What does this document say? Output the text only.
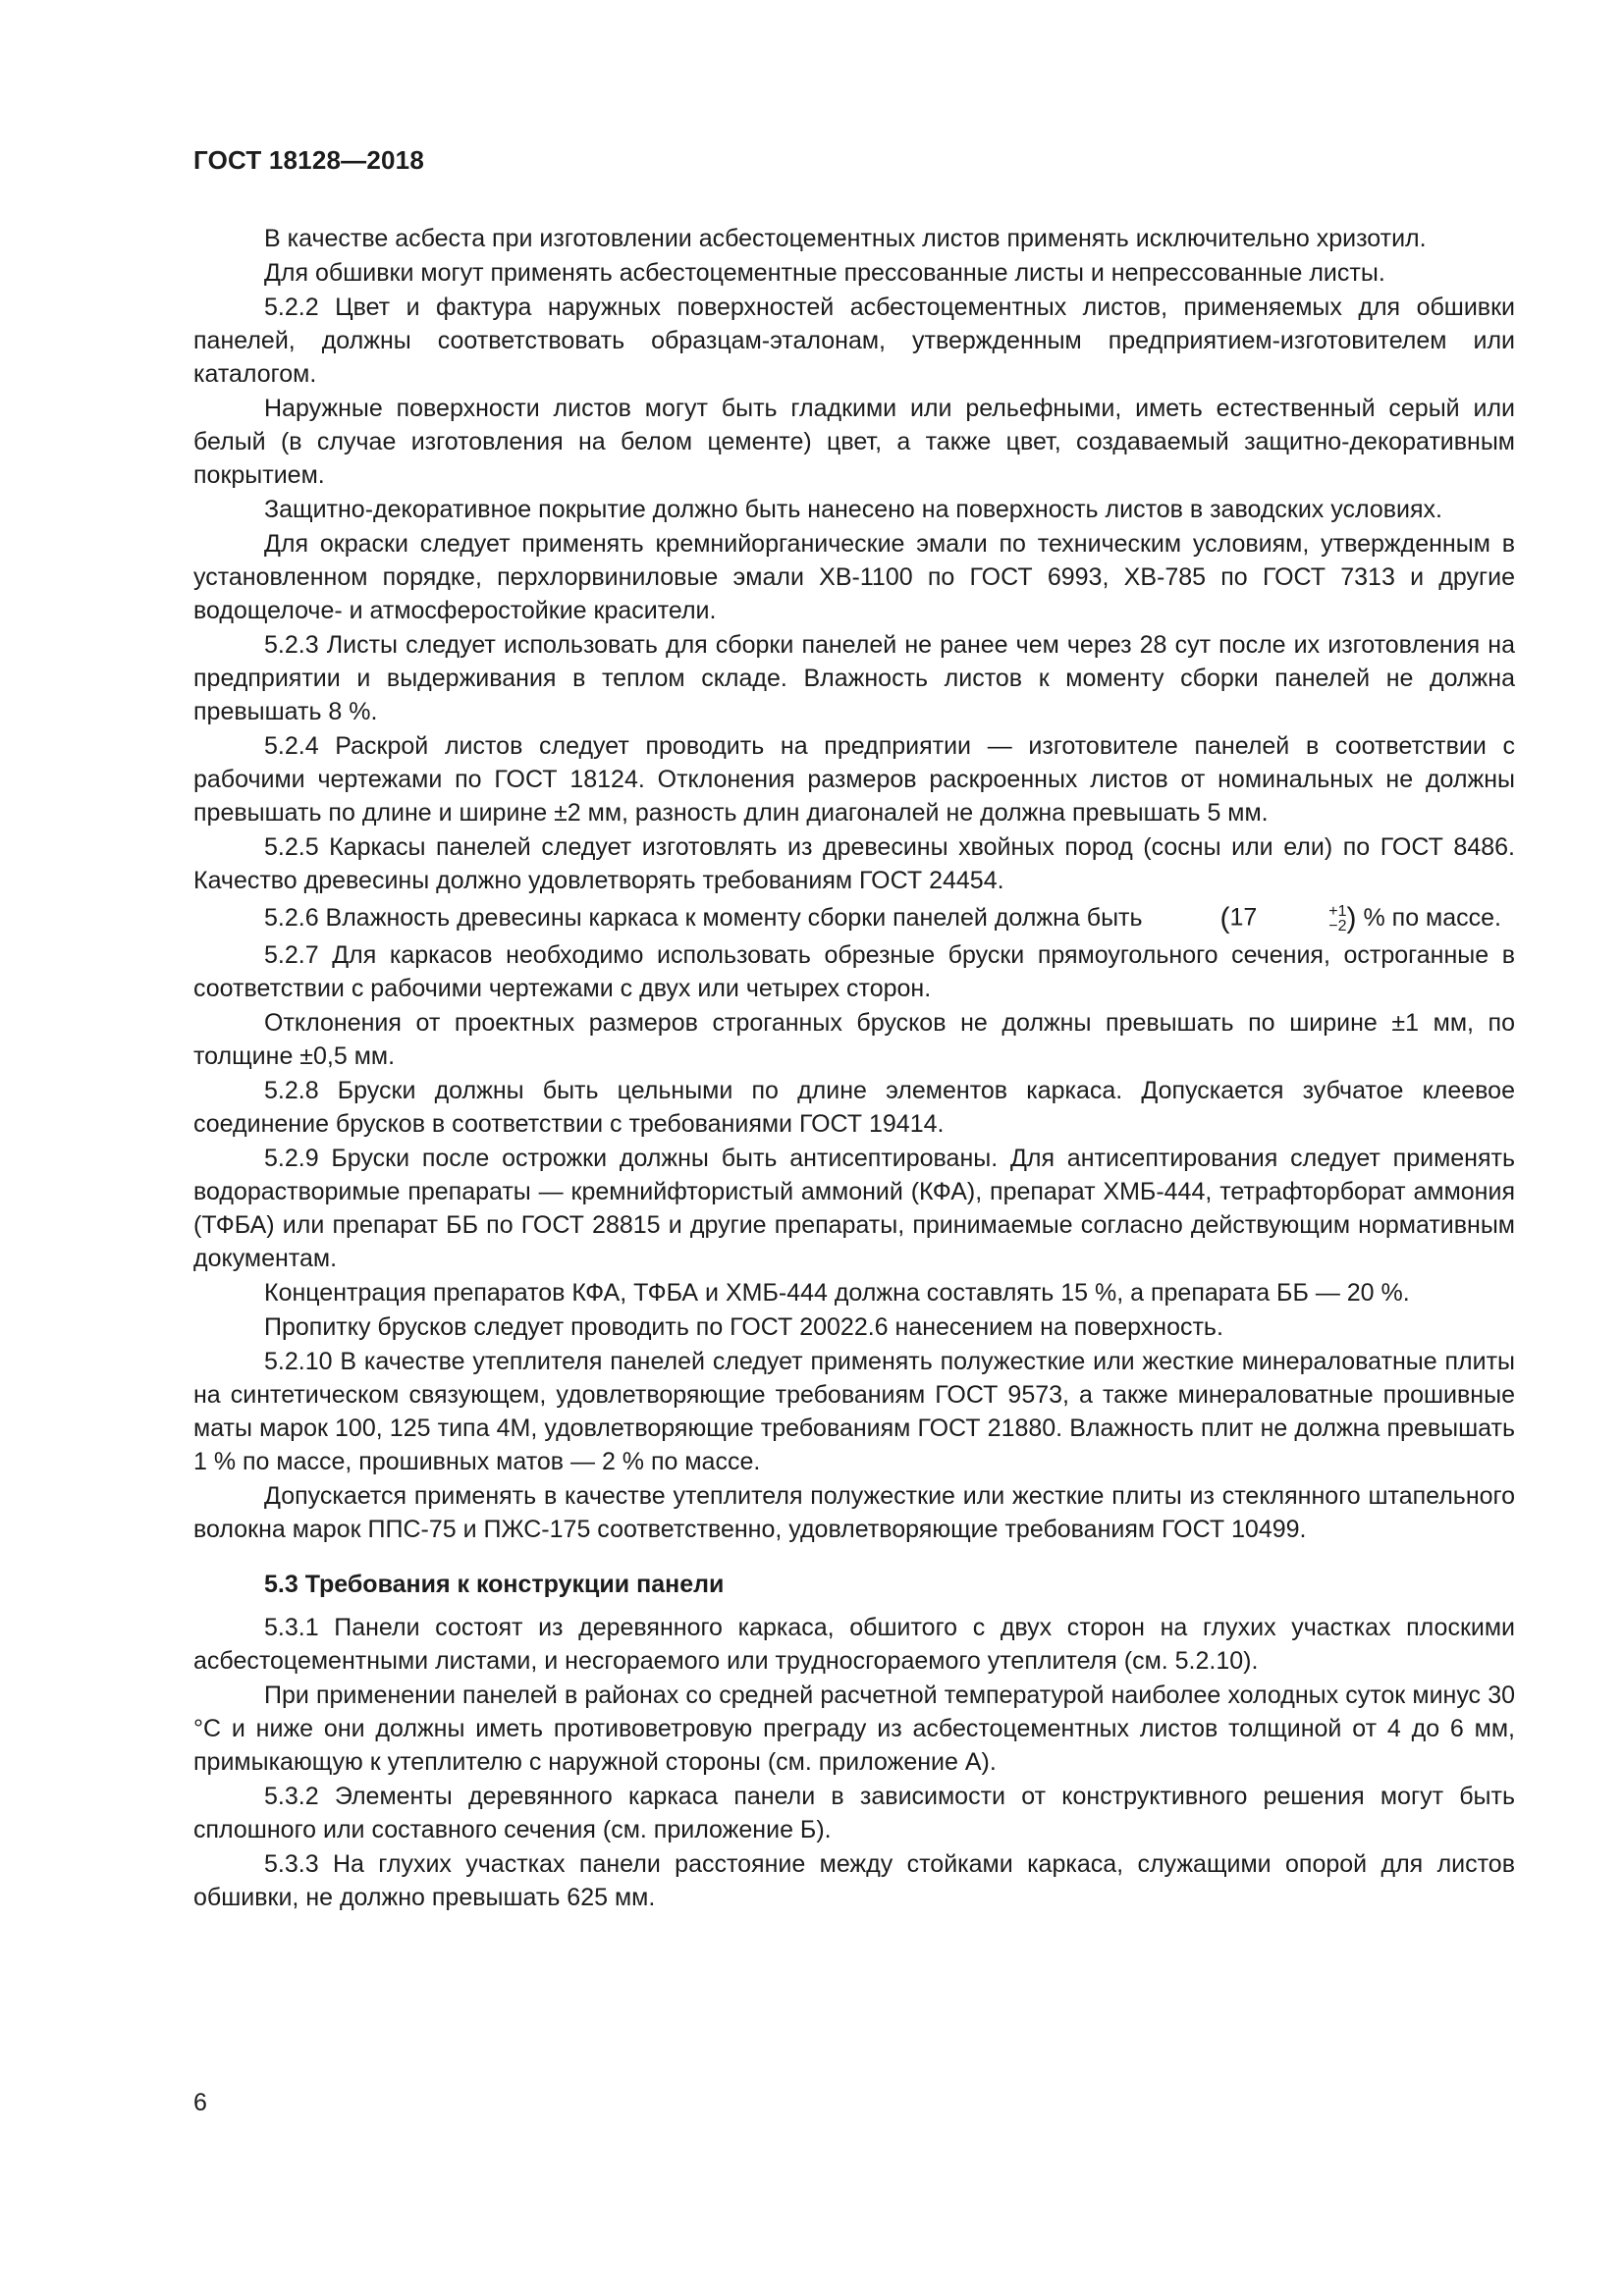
ГОСТ 18128—2018

В качестве асбеста при изготовлении асбестоцементных листов применять исключительно хризотил.

Для обшивки могут применять асбестоцементные прессованные листы и непрессованные листы.

5.2.2 Цвет и фактура наружных поверхностей асбестоцементных листов, применяемых для обшивки панелей, должны соответствовать образцам-эталонам, утвержденным предприятием-изготовителем или каталогом.

Наружные поверхности листов могут быть гладкими или рельефными, иметь естественный серый или белый (в случае изготовления на белом цементе) цвет, а также цвет, создаваемый защитно-декоративным покрытием.

Защитно-декоративное покрытие должно быть нанесено на поверхность листов в заводских условиях.

Для окраски следует применять кремнийорганические эмали по техническим условиям, утвержденным в установленном порядке, перхлорвиниловые эмали ХВ-1100 по ГОСТ 6993, ХВ-785 по ГОСТ 7313 и другие водощелоче- и атмосферостойкие красители.

5.2.3 Листы следует использовать для сборки панелей не ранее чем через 28 сут после их изготовления на предприятии и выдерживания в теплом складе. Влажность листов к моменту сборки панелей не должна превышать 8 %.

5.2.4 Раскрой листов следует проводить на предприятии — изготовителе панелей в соответствии с рабочими чертежами по ГОСТ 18124. Отклонения размеров раскроенных листов от номинальных не должны превышать по длине и ширине ±2 мм, разность длин диагоналей не должна превышать 5 мм.

5.2.5 Каркасы панелей следует изготовлять из древесины хвойных пород (сосны или ели) по ГОСТ 8486. Качество древесины должно удовлетворять требованиям ГОСТ 24454.

5.2.6 Влажность древесины каркаса к моменту сборки панелей должна быть	(17	+1
−2 ) % по массе.

5.2.7 Для каркасов необходимо использовать обрезные бруски прямоугольного сечения, остроганные в соответствии с рабочими чертежами с двух или четырех сторон.

Отклонения от проектных размеров строганных брусков не должны превышать по ширине ±1 мм, по толщине ±0,5 мм.

5.2.8 Бруски должны быть цельными по длине элементов каркаса. Допускается зубчатое клеевое соединение брусков в соответствии с требованиями ГОСТ 19414.

5.2.9 Бруски после острожки должны быть антисептированы. Для антисептирования следует применять водорастворимые препараты — кремнийфтористый аммоний (КФА), препарат ХМБ-444, тетрафторборат аммония (ТФБА) или препарат ББ по ГОСТ 28815 и другие препараты, принимаемые согласно действующим нормативным документам.

Концентрация препаратов КФА, ТФБА и ХМБ-444 должна составлять 15 %, а препарата ББ — 20 %.

Пропитку брусков следует проводить по ГОСТ 20022.6 нанесением на поверхность.

5.2.10 В качестве утеплителя панелей следует применять полужесткие или жесткие минераловатные плиты на синтетическом связующем, удовлетворяющие требованиям ГОСТ 9573, а также минераловатные прошивные маты марок 100, 125 типа 4М, удовлетворяющие требованиям ГОСТ 21880. Влажность плит не должна превышать 1 % по массе, прошивных матов — 2 % по массе.

Допускается применять в качестве утеплителя полужесткие или жесткие плиты из стеклянного штапельного волокна марок ППС-75 и ПЖС-175 соответственно, удовлетворяющие требованиям ГОСТ 10499.

5.3 Требования к конструкции панели

5.3.1 Панели состоят из деревянного каркаса, обшитого с двух сторон на глухих участках плоскими асбестоцементными листами, и несгораемого или трудносгораемого утеплителя (см. 5.2.10).

При применении панелей в районах со средней расчетной температурой наиболее холодных суток минус 30 °С и ниже они должны иметь противоветровую преграду из асбестоцементных листов толщиной от 4 до 6 мм, примыкающую к утеплителю с наружной стороны (см. приложение А).

5.3.2 Элементы деревянного каркаса панели в зависимости от конструктивного решения могут быть сплошного или составного сечения (см. приложение Б).

5.3.3 На глухих участках панели расстояние между стойками каркаса, служащими опорой для листов обшивки, не должно превышать 625 мм.

6
